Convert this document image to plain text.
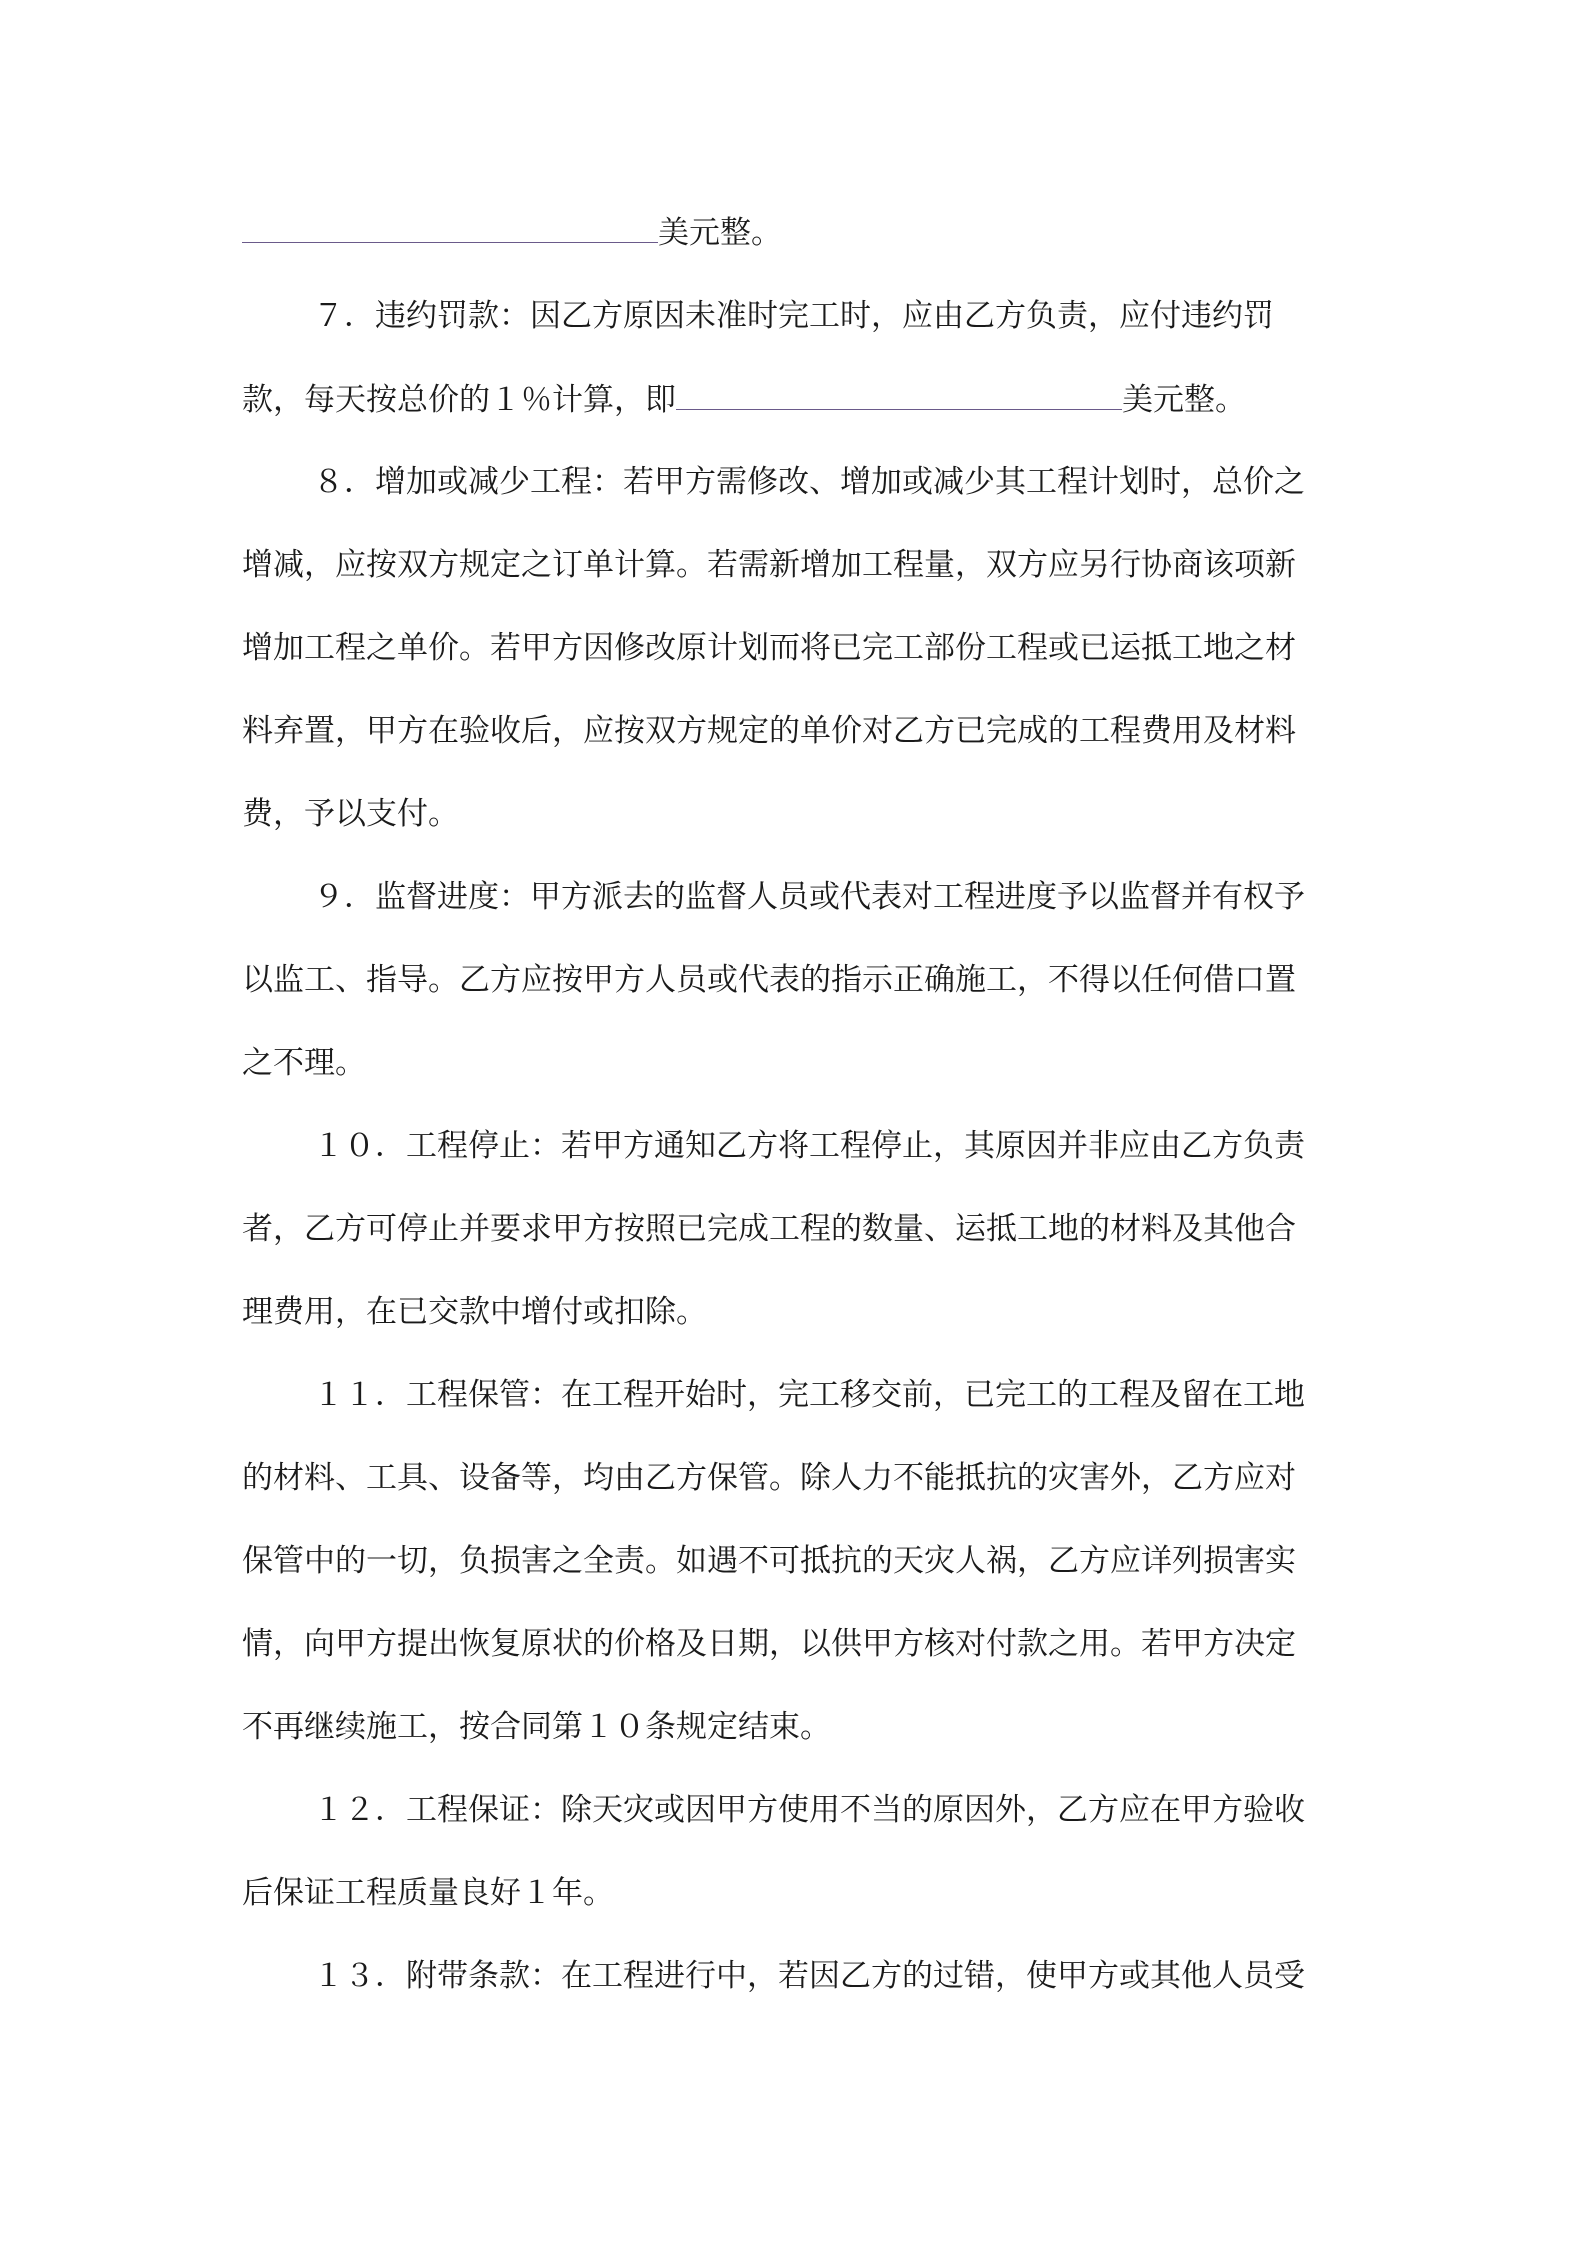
美元整。
７．违约罚款：因乙方原因未准时完工时，应由乙方负责，应付违约罚
款，每天按总价的１％计算，即	美元整。
８．增加或减少工程：若甲方需修改、增加或减少其工程计划时，总价之
增减，应按双方规定之订单计算。若需新增加工程量，双方应另行协商该项新
增加工程之单价。若甲方因修改原计划而将已完工部份工程或已运抵工地之材
料弃置，甲方在验收后，应按双方规定的单价对乙方已完成的工程费用及材料
费，予以支付。
９．监督进度：甲方派去的监督人员或代表对工程进度予以监督并有权予
以监工、指导。乙方应按甲方人员或代表的指示正确施工，不得以任何借口置
之不理。
１０．工程停止：若甲方通知乙方将工程停止，其原因并非应由乙方负责
者，乙方可停止并要求甲方按照已完成工程的数量、运抵工地的材料及其他合
理费用，在已交款中增付或扣除。
１１．工程保管：在工程开始时，完工移交前，已完工的工程及留在工地
的材料、工具、设备等，均由乙方保管。除人力不能抵抗的灾害外，乙方应对
保管中的一切，负损害之全责。如遇不可抵抗的天灾人祸，乙方应详列损害实
情，向甲方提出恢复原状的价格及日期，以供甲方核对付款之用。若甲方决定
不再继续施工，按合同第１０条规定结束。
１２．工程保证：除天灾或因甲方使用不当的原因外，乙方应在甲方验收
后保证工程质量良好１年。
１３．附带条款：在工程进行中，若因乙方的过错，使甲方或其他人员受
